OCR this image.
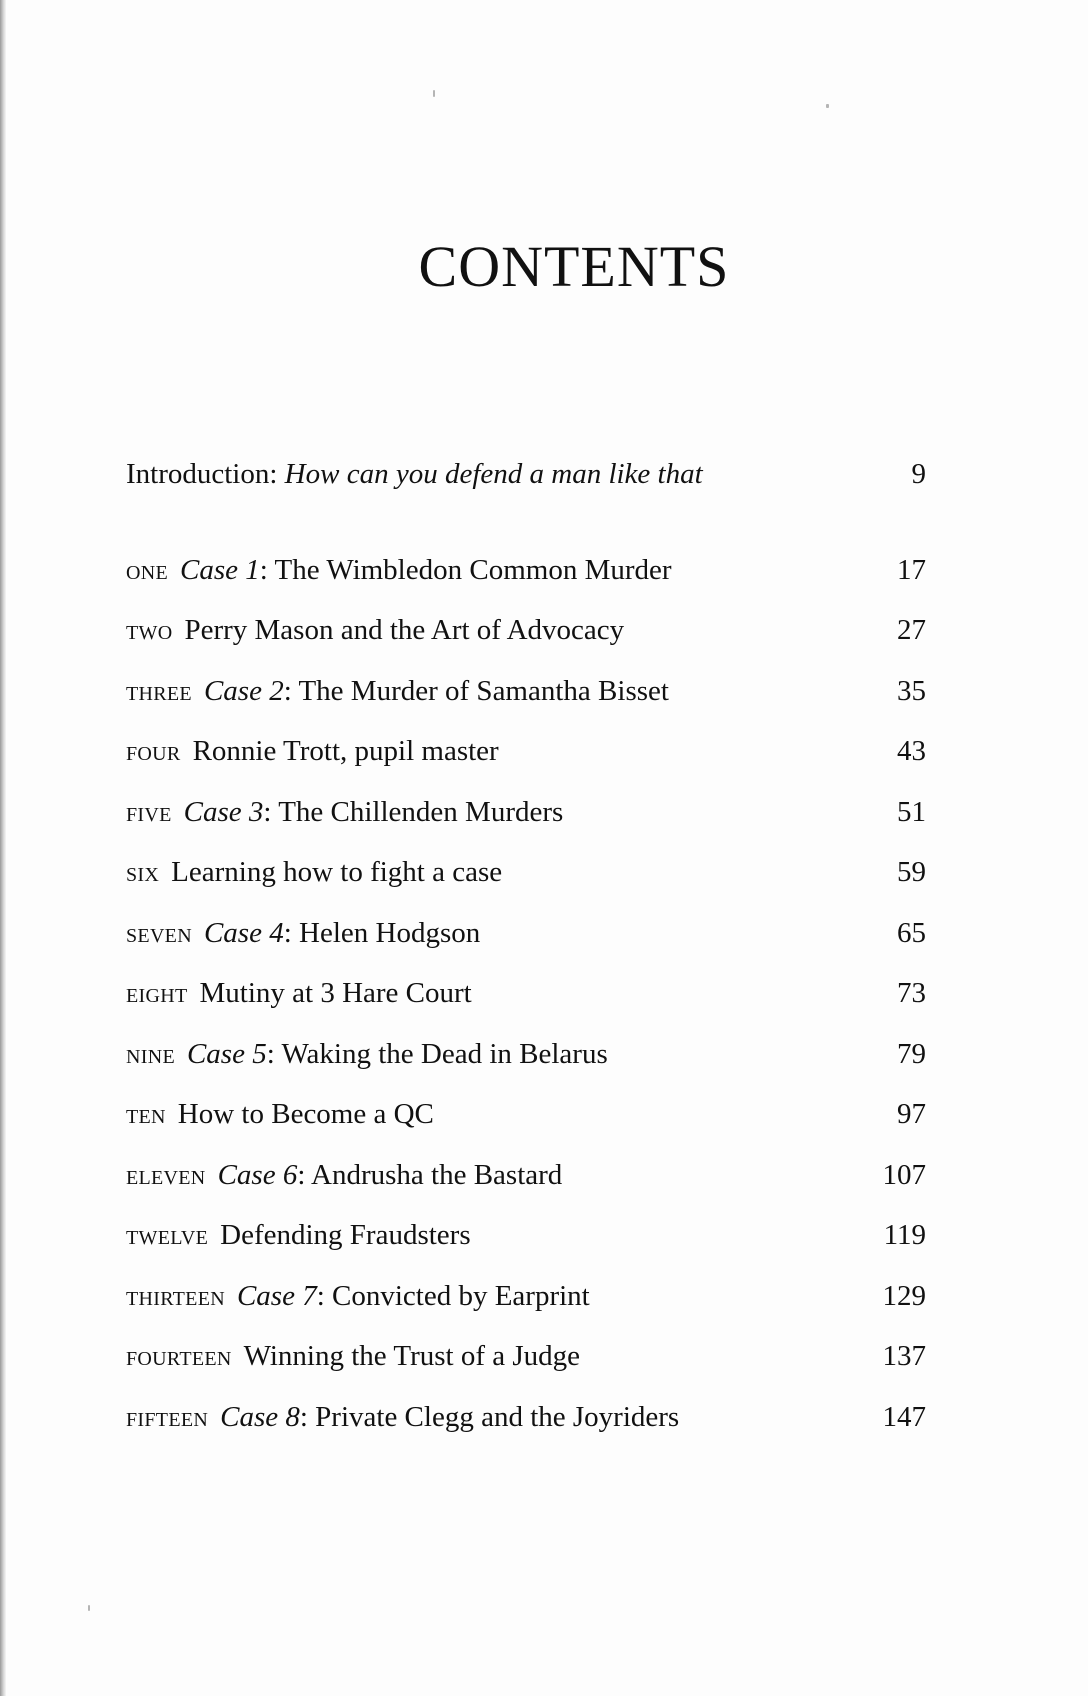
CONTENTS
Introduction: How can you defend a man like that	9
one Case 1: The Wimbledon Common Murder	17
two Perry Mason and the Art of Advocacy	27
three Case 2: The Murder of Samantha Bisset	35
four Ronnie Trott, pupil master	43
five Case 3: The Chillenden Murders	51
six Learning how to fight a case	59
seven Case 4: Helen Hodgson	65
eight Mutiny at 3 Hare Court	73
nine Case 5: Waking the Dead in Belarus	79
ten How to Become a QC	97
eleven Case 6: Andrusha the Bastard	107
twelve Defending Fraudsters	119
thirteen Case 7: Convicted by Earprint	129
fourteen Winning the Trust of a Judge	137
fifteen Case 8: Private Clegg and the Joyriders	147
